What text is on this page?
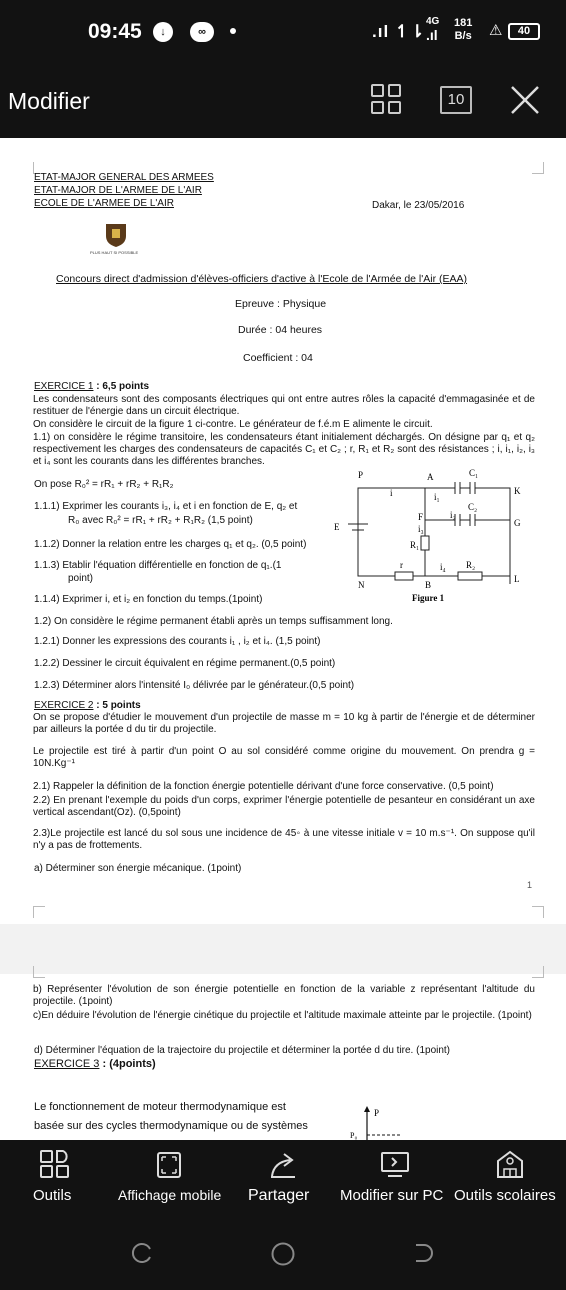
09:45	↓	∞	.ıl ↿⇂
4G
.ıl
181
B/s ⚠	40
Modifier	10
ETAT-MAJOR GENERAL DES ARMEES
ETAT-MAJOR DE L'ARMEE DE L'AIR
ECOLE DE L'ARMEE DE L'AIR	Dakar, le 23/05/2016
PLUS HAUT SI POSSIBLE
Concours direct d'admission d'élèves-officiers d'active à l'Ecole de l'Armée de l'Air (EAA)
Epreuve : Physique
Durée : 04 heures
Coefficient : 04
EXERCICE 1 : 6,5 points
Les condensateurs sont des composants électriques qui ont entre autres rôles la capacité d'emmagasinée et de restituer de l'énergie dans un circuit électrique.
On considère le circuit de la figure 1 ci-contre. Le générateur de f.é.m E alimente le circuit.
1.1) on considère le régime transitoire, les condensateurs étant initialement déchargés. On désigne par q₁ et q₂ respectivement les charges des condensateurs de capacités C₁ et C₂ ; r, R₁ et R₂ sont des résistances ; i, i₁, i₂, i₃ et i₄ sont les courants dans les différentes branches.
On pose R₀² = rR₁ + rR₂ + R₁R₂
1.1.1) Exprimer les courants i₃, i₄ et i en fonction de E, q₂ et
R₀ avec R₀² = rR₁ + rR₂ + R₁R₂ (1,5 point)
1.1.2) Donner la relation entre les charges q₁ et q₂. (0,5 point)
1.1.3) Etablir l'équation différentielle en fonction de q₁.(1
point)
1.1.4) Exprimer i, et i₂ en fonction du temps.(1point)
P	A	C₁
K
i	i₁
C₂
F	i₂
G
E	i₃
R₁
r	i₄ R₂
L
N	B
Figure 1
1.2) On considère le régime permanent établi après un temps suffisamment long.
1.2.1) Donner les expressions des courants i₁ , i₂ et i₄. (1,5 point)
1.2.2) Dessiner le circuit équivalent en régime permanent.(0,5 point)
1.2.3) Déterminer alors l'intensité I₀ délivrée par le générateur.(0,5 point)
EXERCICE 2 : 5 points
On se propose d'étudier le mouvement d'un projectile de masse m = 10 kg à partir de l'énergie et de déterminer par ailleurs la portée d du tir du projectile.
Le projectile est tiré à partir d'un point O au sol considéré comme origine du mouvement. On prendra g = 10N.Kg⁻¹
2.1) Rappeler la définition de la fonction énergie potentielle dérivant d'une force conservative. (0,5 point)
2.2) En prenant l'exemple du poids d'un corps, exprimer l'énergie potentielle de pesanteur en considérant un axe vertical ascendant(Oz). (0,5point)
2.3)Le projectile est lancé du sol sous une incidence de 45◦ à une vitesse initiale v = 10 m.s⁻¹. On suppose qu'il n'y a pas de frottements.
a) Déterminer son énergie mécanique. (1point)
1
b) Représenter l'évolution de son énergie potentielle en fonction de la variable z représentant l'altitude du projectile. (1point)
c)En déduire l'évolution de l'énergie cinétique du projectile et l'altitude maximale atteinte par le projectile. (1point)
d) Déterminer l'équation de la trajectoire du projectile et déterminer la portée d du tire. (1point)
EXERCICE 3 : (4points)
Le fonctionnement de moteur thermodynamique est
basée sur des cycles thermodynamique ou de systèmes
P
P₀
Outils	Affichage mobile Partager Modifier sur PC Outils scolaires
